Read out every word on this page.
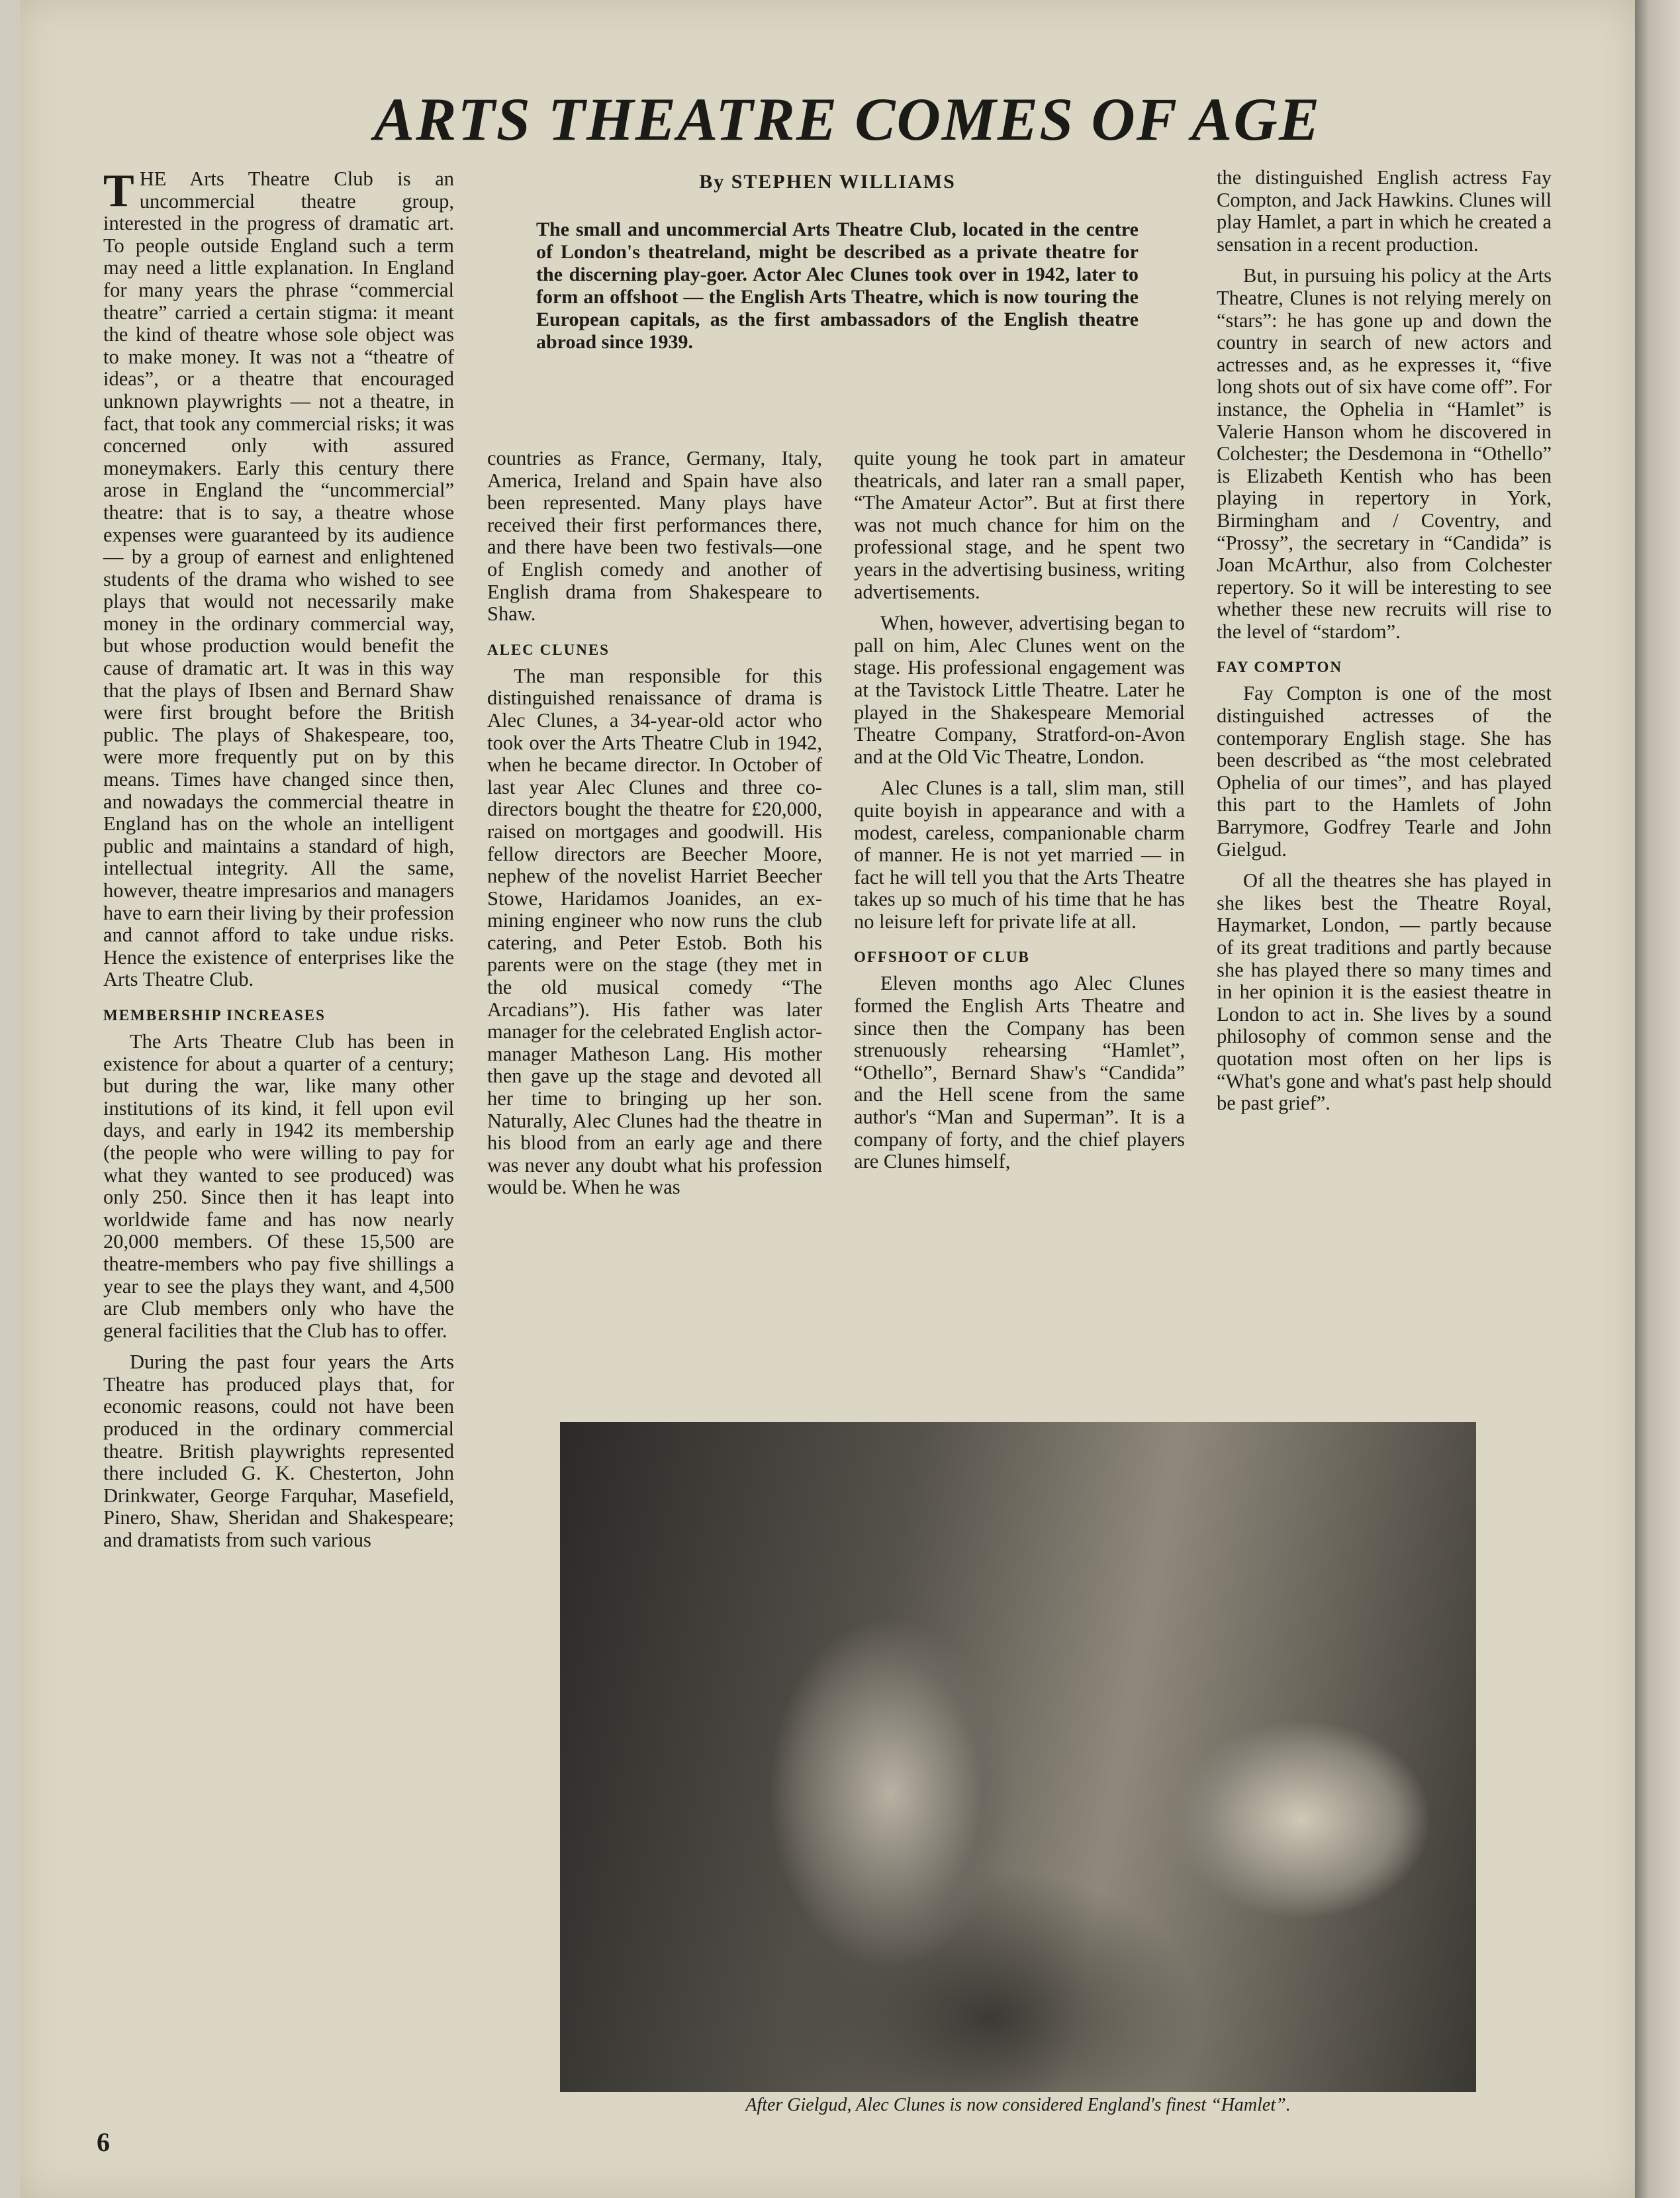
ARTS THEATRE COMES OF AGE

THE Arts Theatre Club is an uncommercial theatre group, interested in the progress of dramatic art. To people outside England such a term may need a little explanation. In England for many years the phrase “commercial theatre” carried a certain stigma: it meant the kind of theatre whose sole object was to make money. It was not a “theatre of ideas”, or a theatre that encouraged unknown playwrights — not a theatre, in fact, that took any commercial risks; it was concerned only with assured moneymakers. Early this century there arose in England the “uncommercial” theatre: that is to say, a theatre whose expenses were guaranteed by its audience — by a group of earnest and enlightened students of the drama who wished to see plays that would not necessarily make money in the ordinary commercial way, but whose production would benefit the cause of dramatic art. It was in this way that the plays of Ibsen and Bernard Shaw were first brought before the British public. The plays of Shakespeare, too, were more frequently put on by this means. Times have changed since then, and nowadays the commercial theatre in England has on the whole an intelligent public and maintains a standard of high, intellectual integrity. All the same, however, theatre impresarios and managers have to earn their living by their profession and cannot afford to take undue risks. Hence the existence of enterprises like the Arts Theatre Club.

MEMBERSHIP INCREASES

The Arts Theatre Club has been in existence for about a quarter of a century; but during the war, like many other institutions of its kind, it fell upon evil days, and early in 1942 its membership (the people who were willing to pay for what they wanted to see produced) was only 250. Since then it has leapt into worldwide fame and has now nearly 20,000 members. Of these 15,500 are theatre-members who pay five shillings a year to see the plays they want, and 4,500 are Club members only who have the general facilities that the Club has to offer.

During the past four years the Arts Theatre has produced plays that, for economic reasons, could not have been produced in the ordinary commercial theatre. British playwrights represented there included G. K. Chesterton, John Drinkwater, George Farquhar, Masefield, Pinero, Shaw, Sheridan and Shakespeare; and dramatists from such various

By STEPHEN WILLIAMS
The small and uncommercial Arts Theatre Club, located in the centre of London's theatreland, might be described as a private theatre for the discerning play-goer. Actor Alec Clunes took over in 1942, later to form an offshoot — the English Arts Theatre, which is now touring the European capitals, as the first ambassadors of the English theatre abroad since 1939.

countries as France, Germany, Italy, America, Ireland and Spain have also been represented. Many plays have received their first performances there, and there have been two festivals—one of English comedy and another of English drama from Shakespeare to Shaw.

ALEC CLUNES

The man responsible for this distinguished renaissance of drama is Alec Clunes, a 34-year-old actor who took over the Arts Theatre Club in 1942, when he became director. In October of last year Alec Clunes and three co-directors bought the theatre for £20,000, raised on mortgages and goodwill. His fellow directors are Beecher Moore, nephew of the novelist Harriet Beecher Stowe, Haridamos Joanides, an ex-mining engineer who now runs the club catering, and Peter Estob. Both his parents were on the stage (they met in the old musical comedy “The Arcadians”). His father was later manager for the celebrated English actor-manager Matheson Lang. His mother then gave up the stage and devoted all her time to bringing up her son. Naturally, Alec Clunes had the theatre in his blood from an early age and there was never any doubt what his profession would be. When he was

quite young he took part in amateur theatricals, and later ran a small paper, “The Amateur Actor”. But at first there was not much chance for him on the professional stage, and he spent two years in the advertising business, writing advertisements.

When, however, advertising began to pall on him, Alec Clunes went on the stage. His professional engagement was at the Tavistock Little Theatre. Later he played in the Shakespeare Memorial Theatre Company, Stratford-on-Avon and at the Old Vic Theatre, London.

Alec Clunes is a tall, slim man, still quite boyish in appearance and with a modest, careless, companionable charm of manner. He is not yet married — in fact he will tell you that the Arts Theatre takes up so much of his time that he has no leisure left for private life at all.

OFFSHOOT OF CLUB

Eleven months ago Alec Clunes formed the English Arts Theatre and since then the Company has been strenuously rehearsing “Hamlet”, “Othello”, Bernard Shaw's “Candida” and the Hell scene from the same author's “Man and Superman”. It is a company of forty, and the chief players are Clunes himself,

the distinguished English actress Fay Compton, and Jack Hawkins. Clunes will play Hamlet, a part in which he created a sensation in a recent production.

But, in pursuing his policy at the Arts Theatre, Clunes is not relying merely on “stars”: he has gone up and down the country in search of new actors and actresses and, as he expresses it, “five long shots out of six have come off”. For instance, the Ophelia in “Hamlet” is Valerie Hanson whom he discovered in Colchester; the Desdemona in “Othello” is Elizabeth Kentish who has been playing in repertory in York, Birmingham and / Coventry, and “Prossy”, the secretary in “Candida” is Joan McArthur, also from Colchester repertory. So it will be interesting to see whether these new recruits will rise to the level of “stardom”.

FAY COMPTON

Fay Compton is one of the most distinguished actresses of the contemporary English stage. She has been described as “the most celebrated Ophelia of our times”, and has played this part to the Hamlets of John Barrymore, Godfrey Tearle and John Gielgud.

Of all the theatres she has played in she likes best the Theatre Royal, Haymarket, London, — partly because of its great traditions and partly because she has played there so many times and in her opinion it is the easiest theatre in London to act in. She lives by a sound philosophy of common sense and the quotation most often on her lips is “What's gone and what's past help should be past grief”.

After Gielgud, Alec Clunes is now considered England's finest “Hamlet”.
6
